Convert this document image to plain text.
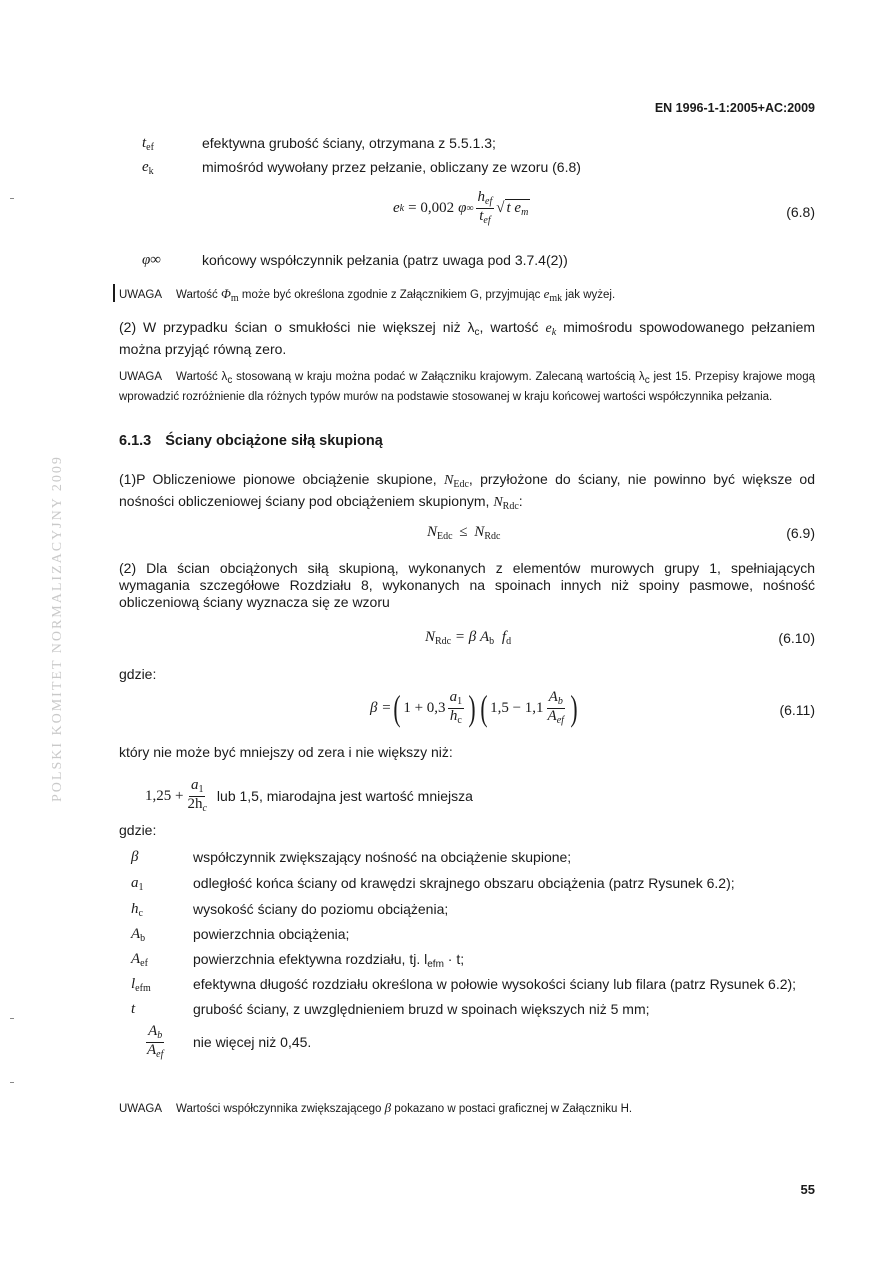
POLSKI KOMITET NORMALIZACYJNY 2009
EN 1996-1-1:2005+AC:2009
$t_{ef}$	efektywna grubość ściany, otrzymana z 5.5.1.3;
$e_k$	mimośród wywołany przez pełzanie, obliczany ze wzoru (6.8)
e k = 0,002 φ ∞ $\frac{h_{ef}}{t_{ef}}$ √ t $e_m$	(6.8)
φ∞	końcowy współczynnik pełzania (patrz uwaga pod 3.7.4(2))
UWAGA Wartość $\Phi_m$ może być określona zgodnie z Załącznikiem G, przyjmując $e_{mk}$ jak wyżej.
(2) W przypadku ścian o smukłości nie większej niż $\lambda_c$, wartość $e_k$ mimośrodu spowodowanego pełzaniem można przyjąć równą zero.
UWAGA Wartość λc stosowaną w kraju można podać w Załączniku krajowym. Zalecaną wartością λc jest 15. Przepisy krajowe mogą wprowadzić rozróżnienie dla różnych typów murów na podstawie stosowanej w kraju końcowej wartości współczynnika pełzania.
6.1.3 Ściany obciążone siłą skupioną
(1)P Obliczeniowe pionowe obciążenie skupione, $N_{Edc}$, przyłożone do ściany, nie powinno być większe od nośności obliczeniowej ściany pod obciążeniem skupionym, $N_{Rdc}$:
$N_{Edc} \le N_{Rdc}$	(6.9)
(2) Dla ścian obciążonych siłą skupioną, wykonanych z elementów murowych grupy 1, spełniających wymagania szczegółowe Rozdziału 8, wykonanych na spoinach innych niż spoiny pasmowe, nośność obliczeniową ściany wyznacza się ze wzoru
$N_{Rdc} = \beta$ $A_b$ $f_d$	(6.10)
gdzie:
β = ( $1 + 0,3 \frac{a_1}{h_c}$ ) ( $1,5 - 1,1 \frac{A_b}{A_{ef}}$ )	(6.11)
który nie może być mniejszy od zera i nie większy niż:
$1,25 + \frac{a_1}{2h_c}$ lub 1,5, miarodajna jest wartość mniejsza
gdzie:
β	współczynnik zwiększający nośność na obciążenie skupione;
$a_1$	odległość końca ściany od krawędzi skrajnego obszaru obciążenia (patrz Rysunek 6.2);
$h_c$	wysokość ściany do poziomu obciążenia;
$A_b$	powierzchnia obciążenia;
$A_{ef}$	powierzchnia efektywna rozdziału, tj. $l_{efm} \cdot t$;
$l_{efm}$	efektywna długość rozdziału określona w połowie wysokości ściany lub filara (patrz Rysunek 6.2);
t	grubość ściany, z uwzględnieniem bruzd w spoinach większych niż 5 mm;
$\frac{A_b}{A_{ef}}$ nie więcej niż 0,45.
UWAGA Wartości współczynnika zwiększającego β pokazano w postaci graficznej w Załączniku H.
55
